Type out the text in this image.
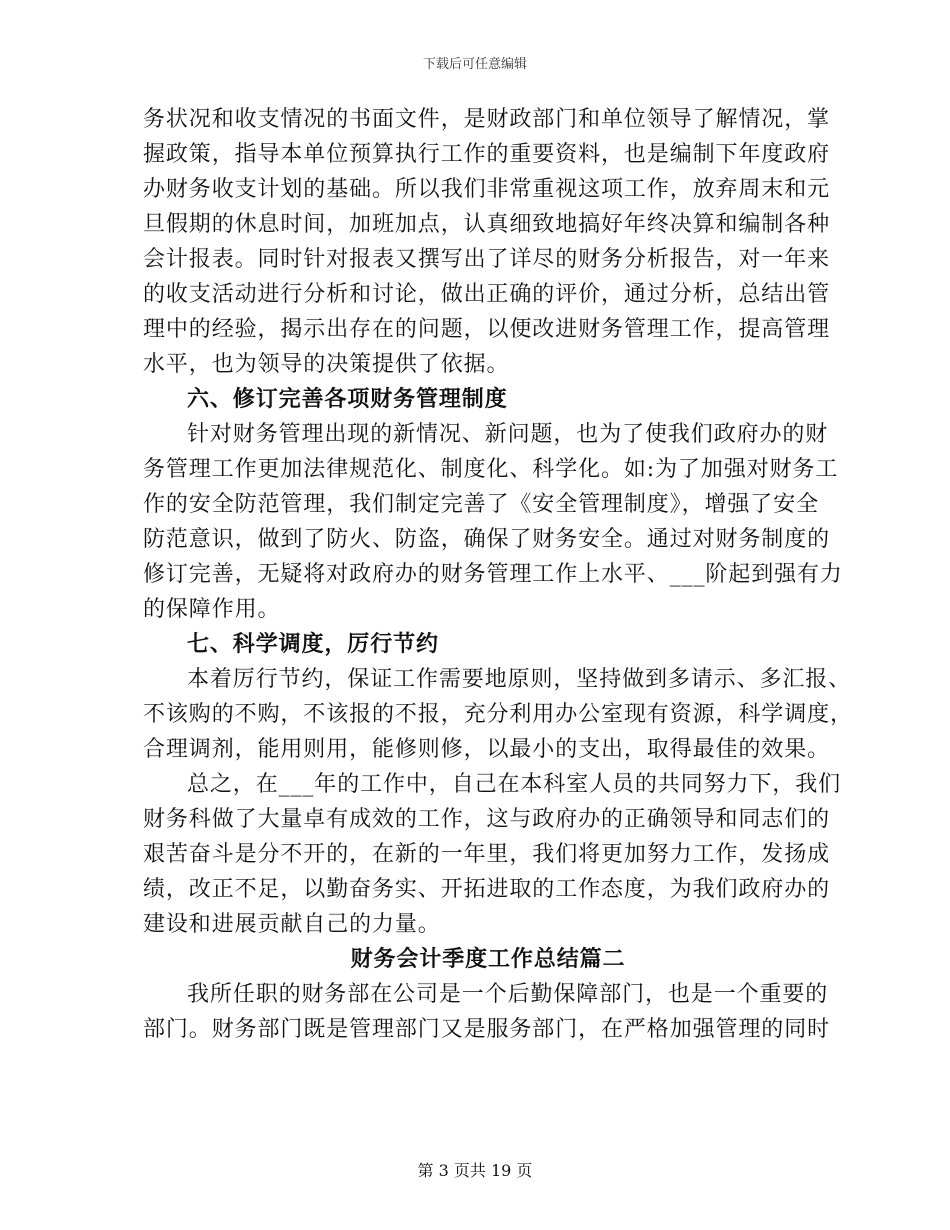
下载后可任意编辑
务状况和收支情况的书面文件，是财政部门和单位领导了解情况，掌
握政策，指导本单位预算执行工作的重要资料，也是编制下年度政府
办财务收支计划的基础。所以我们非常重视这项工作，放弃周末和元
旦假期的休息时间，加班加点，认真细致地搞好年终决算和编制各种
会计报表。同时针对报表又撰写出了详尽的财务分析报告，对一年来
的收支活动进行分析和讨论，做出正确的评价，通过分析，总结出管
理中的经验，揭示出存在的问题，以便改进财务管理工作，提高管理
水平，也为领导的决策提供了依据。
六、修订完善各项财务管理制度
针对财务管理出现的新情况、新问题，也为了使我们政府办的财
务管理工作更加法律规范化、制度化、科学化。如:为了加强对财务工
作的安全防范管理，我们制定完善了《安全管理制度》，增强了安全
防范意识，做到了防火、防盗，确保了财务安全。通过对财务制度的
修订完善，无疑将对政府办的财务管理工作上水平、___阶起到强有力
的保障作用。
七、科学调度，厉行节约
本着厉行节约，保证工作需要地原则，坚持做到多请示、多汇报、
不该购的不购，不该报的不报，充分利用办公室现有资源，科学调度，
合理调剂，能用则用，能修则修，以最小的支出，取得最佳的效果。
总之，在___年的工作中，自己在本科室人员的共同努力下，我们
财务科做了大量卓有成效的工作，这与政府办的正确领导和同志们的
艰苦奋斗是分不开的，在新的一年里，我们将更加努力工作，发扬成
绩，改正不足，以勤奋务实、开拓进取的工作态度，为我们政府办的
建设和进展贡献自己的力量。
财务会计季度工作总结篇二
我所任职的财务部在公司是一个后勤保障部门，也是一个重要的
部门。财务部门既是管理部门又是服务部门，在严格加强管理的同时
第 3 页共 19 页
